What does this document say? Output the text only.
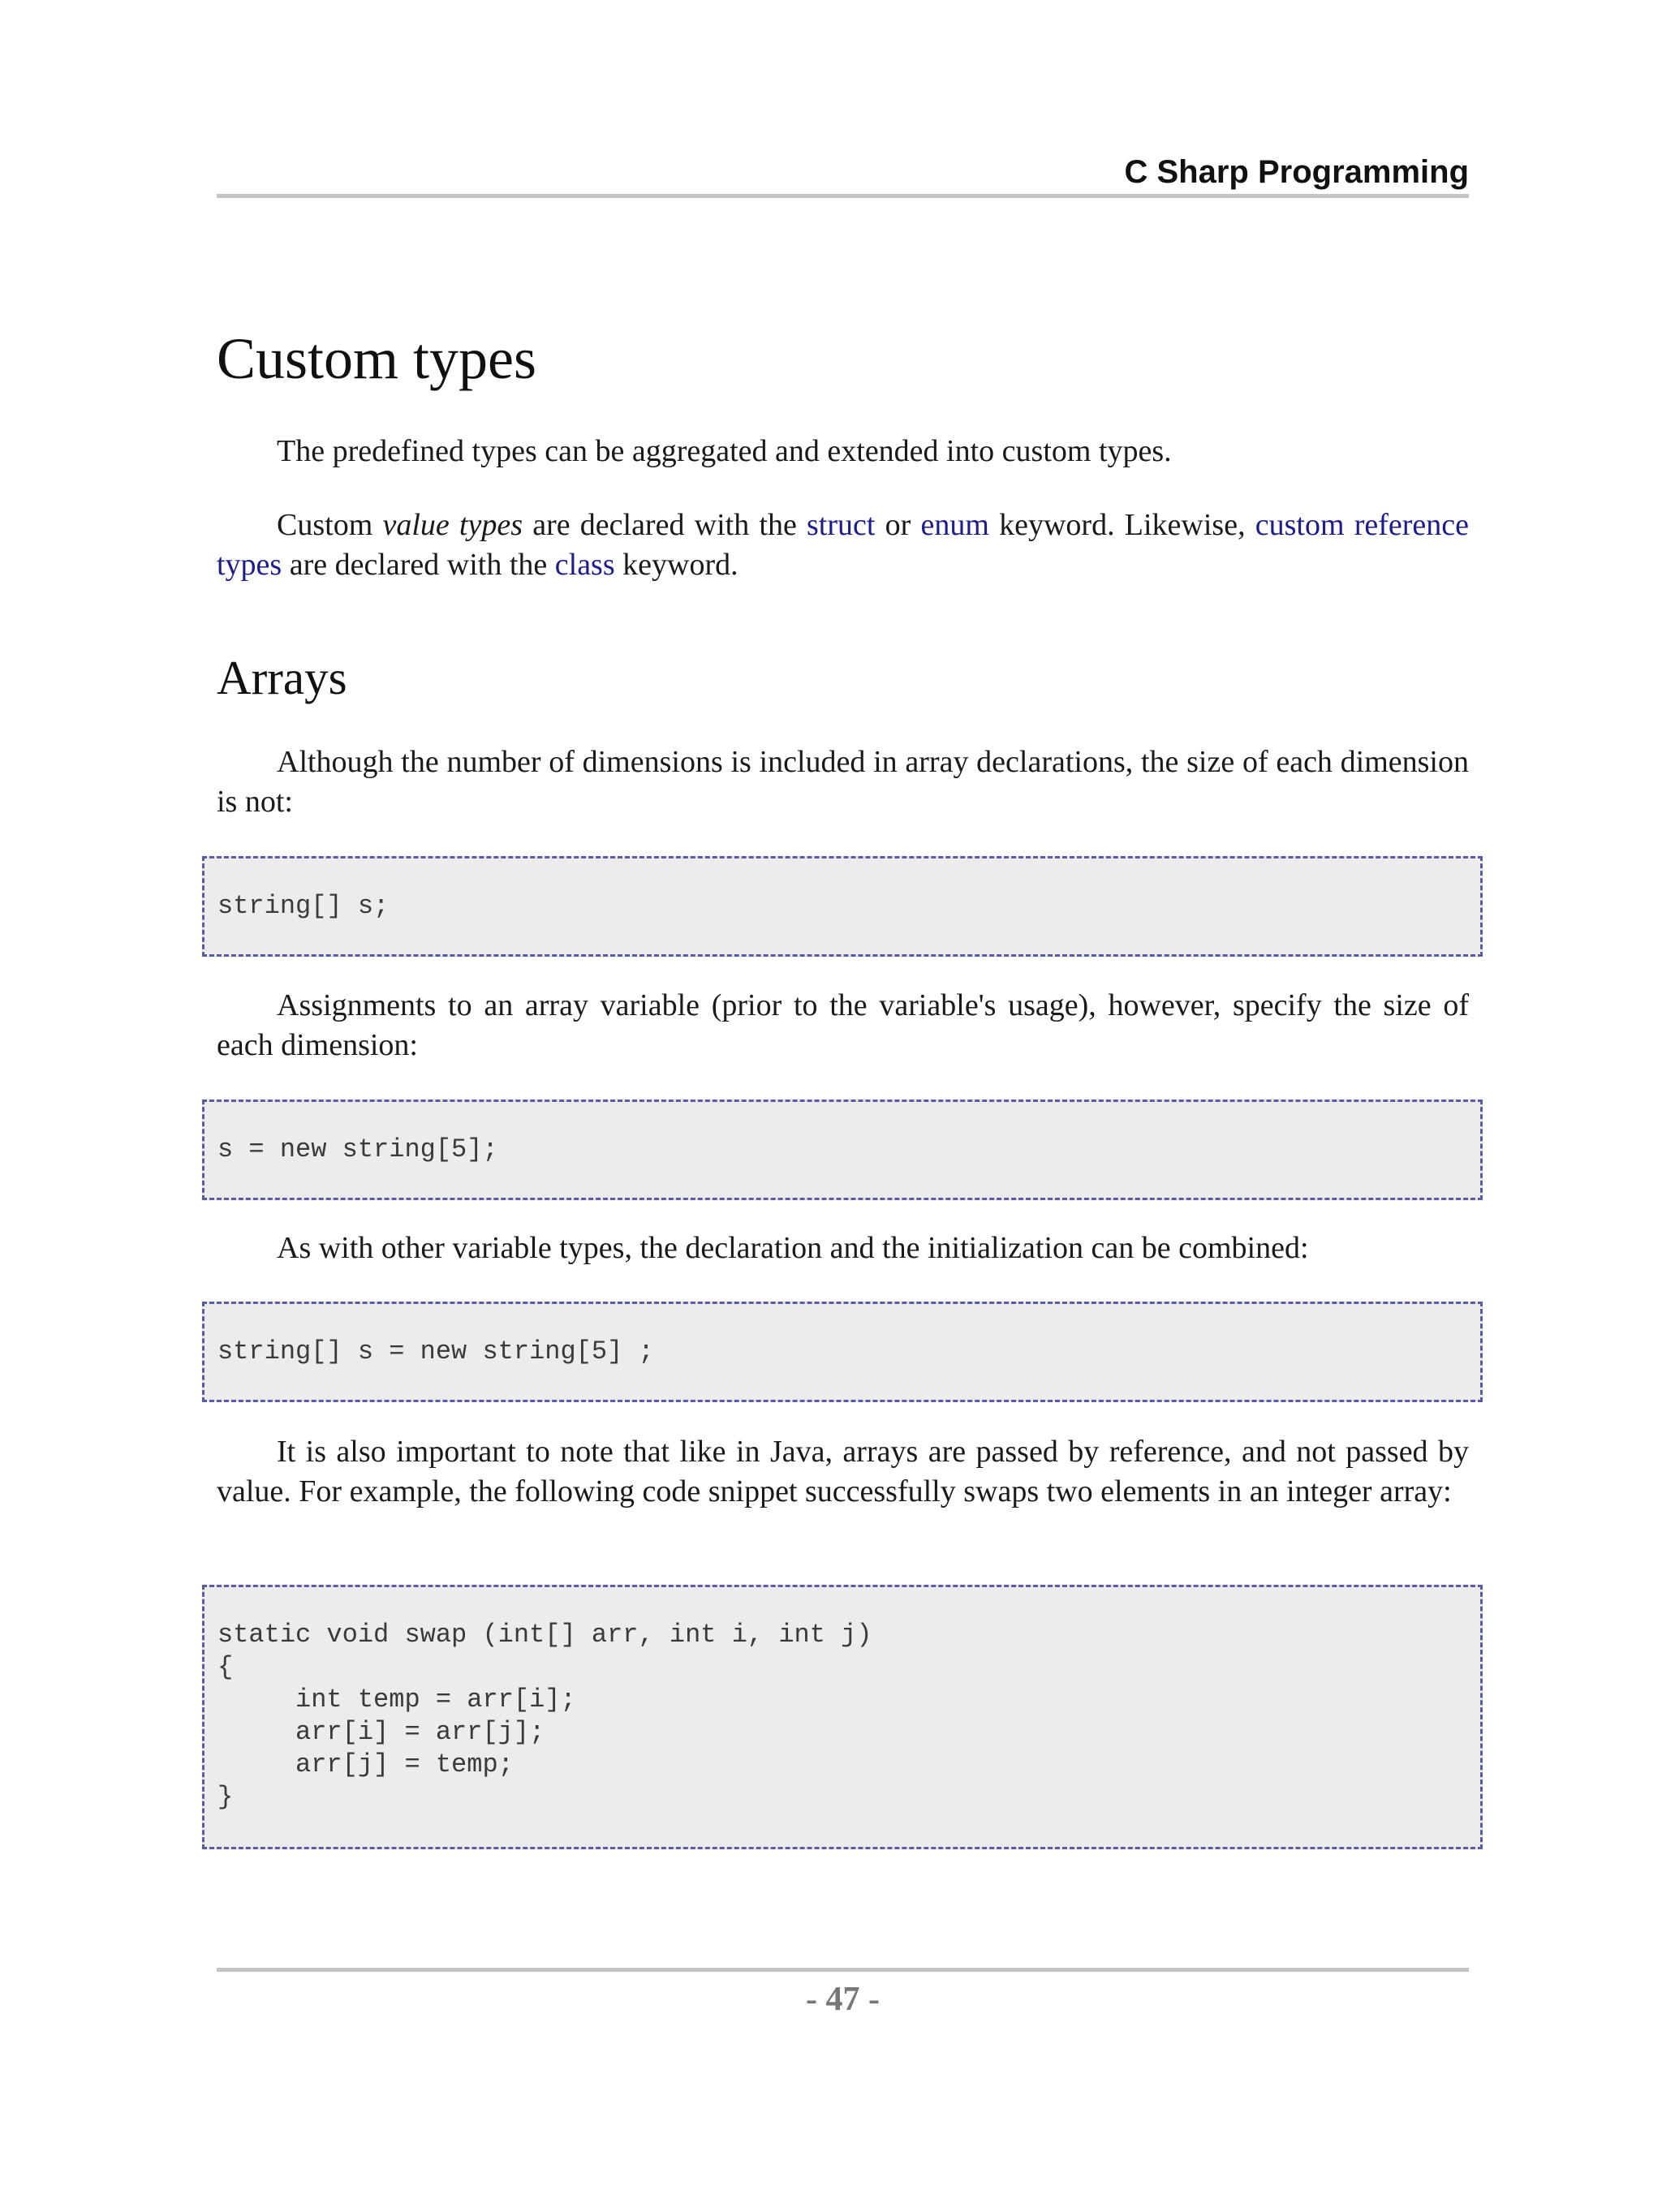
C Sharp Programming
Custom types

The predefined types can be aggregated and extended into custom types.

Custom value types are declared with the struct or enum keyword. Likewise, custom reference types are declared with the class keyword.

Arrays

Although the number of dimensions is included in array declarations, the size of each dimension is not:

Assignments to an array variable (prior to the variable's usage), however, specify the size of each dimension:

As with other variable types, the declaration and the initialization can be combined:

It is also important to note that like in Java, arrays are passed by reference, and not passed by value. For example, the following code snippet successfully swaps two elements in an integer array:

string[] s;
s = new string[5];
string[] s = new string[5] ;
static void swap (int[] arr, int i, int j)
{
int temp = arr[i];
arr[i] = arr[j];
arr[j] = temp;
}
- 47 -
